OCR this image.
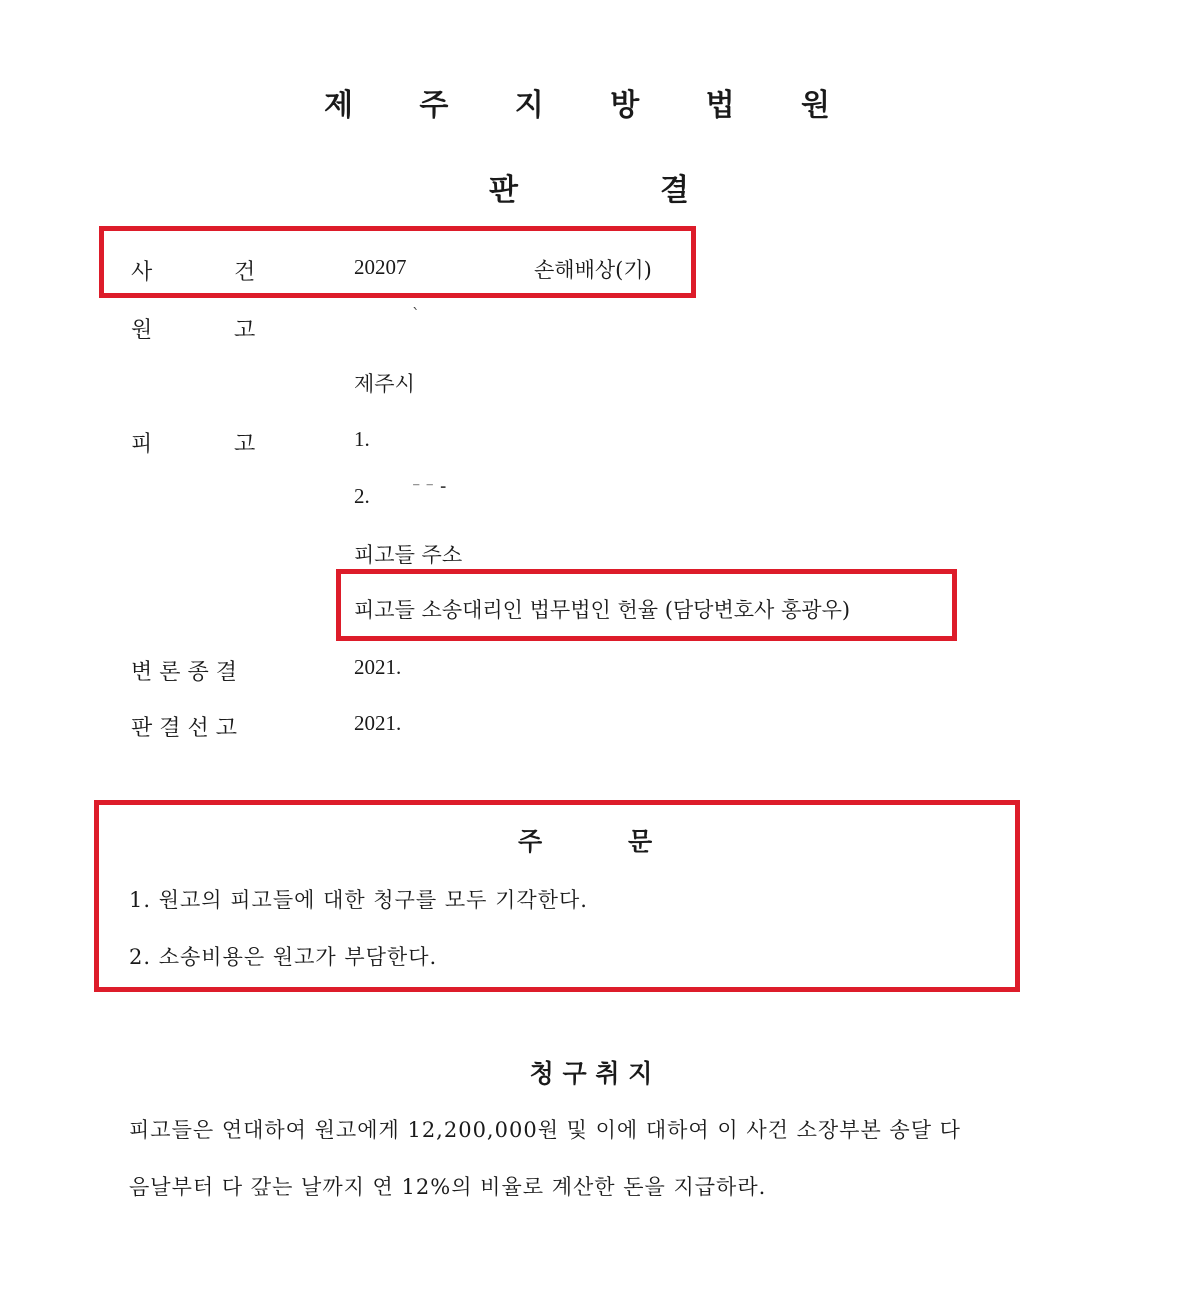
제 주 지 방 법 원
판	결
사	건	20207	손해배상(기)
원	고
`
제주시
피	고	1.
2.	⁻ ⁻ ⁃
피고들 주소
피고들 소송대리인 법무법인 헌율 (담당변호사 홍광우)
변 론 종 결	2021.
판 결 선 고	2021.
주	문
1. 원고의 피고들에 대한 청구를 모두 기각한다.
2. 소송비용은 원고가 부담한다.
청 구 취 지
피고들은 연대하여 원고에게 12,200,000원 및 이에 대하여 이 사건 소장부본 송달 다
음날부터 다 갚는 날까지 연 12%의 비율로 계산한 돈을 지급하라.
